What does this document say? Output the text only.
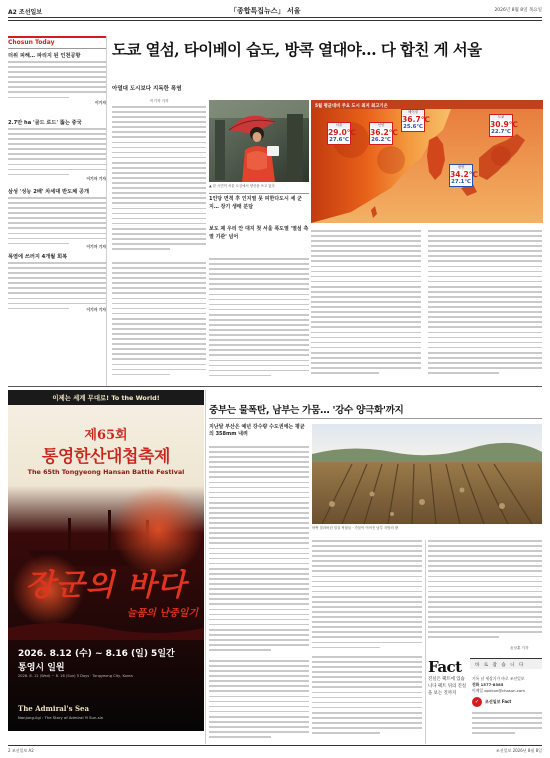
A2 조선일보	「종합특집뉴스」 서울	2026년 8월 8일 목요일
Chosun Today
더위 피해… 파리지 된 인천공항
이기자
2.7만 ha '골드 로드' 뚫는 중국
이기자 기자
삼성 '성능 2배' 차세대 반도체 공개
이기자 기자
폭염에 쓰러지 4개월 회복
이기자 기자
도쿄 열섬, 타이베이 습도, 방콕 열대야… 다 합친 게 서울
아열대 도시보다 지독한 폭염
이기자 기자
▲ 한 시민이 서울 도심에서 양산을 쓰고 있다
1인당 면적 후 인지열 못 피한다도시 세 군지… 장기 생태 분담
보도 제 우리 안 대지 첫 서울 폭도열 '열섬 측 열 기관' 넘어
5월 평균대비 주요 도시 최저 최고기온
서울
29.0℃
27.6℃
선양
36.2℃
26.2℃
베이징
36.7℃
25.6℃
도쿄
30.9℃
22.7℃
평양
34.2℃
27.1℃
이제는 세계 무대로! To the World!
제65회
통영한산대첩축제
The 65th Tongyeong Hansan Battle Festival
장군의 바다
늘품의 난중일기
2026. 8.12 (수) ~ 8.16 (일) 5일간
통영시 일원
2026. 8. 12 (Wed) ~ 8. 16 (Sun) 5 Days · Tongyeong City, Korea
The Admiral's Sea
Nanjung-ilgi : The Story of Admiral Yi Sun-sin
중부는 물폭탄, 남부는 가뭄… '강수 양극화'까지
지난달 부산은 예년 강수량 수도권에는 평균의 358mm 내려
바싹 말라버린 밀실 작물들 · 가뭄이 이어진 남부 지방의 밭
윤상훈 기자
Fact	바 로 잡 습 니 다
진실은 팩트에 있습니다 팩트 뒤의 진실을 보는 것까지
기록 남 세상기가 바로 조선일보
전화 1577-8585
이메일 opinion@chosun.com
✓	조선일보 Fact
2 조선일보 A2	조선일보 2026년 8월 8일
